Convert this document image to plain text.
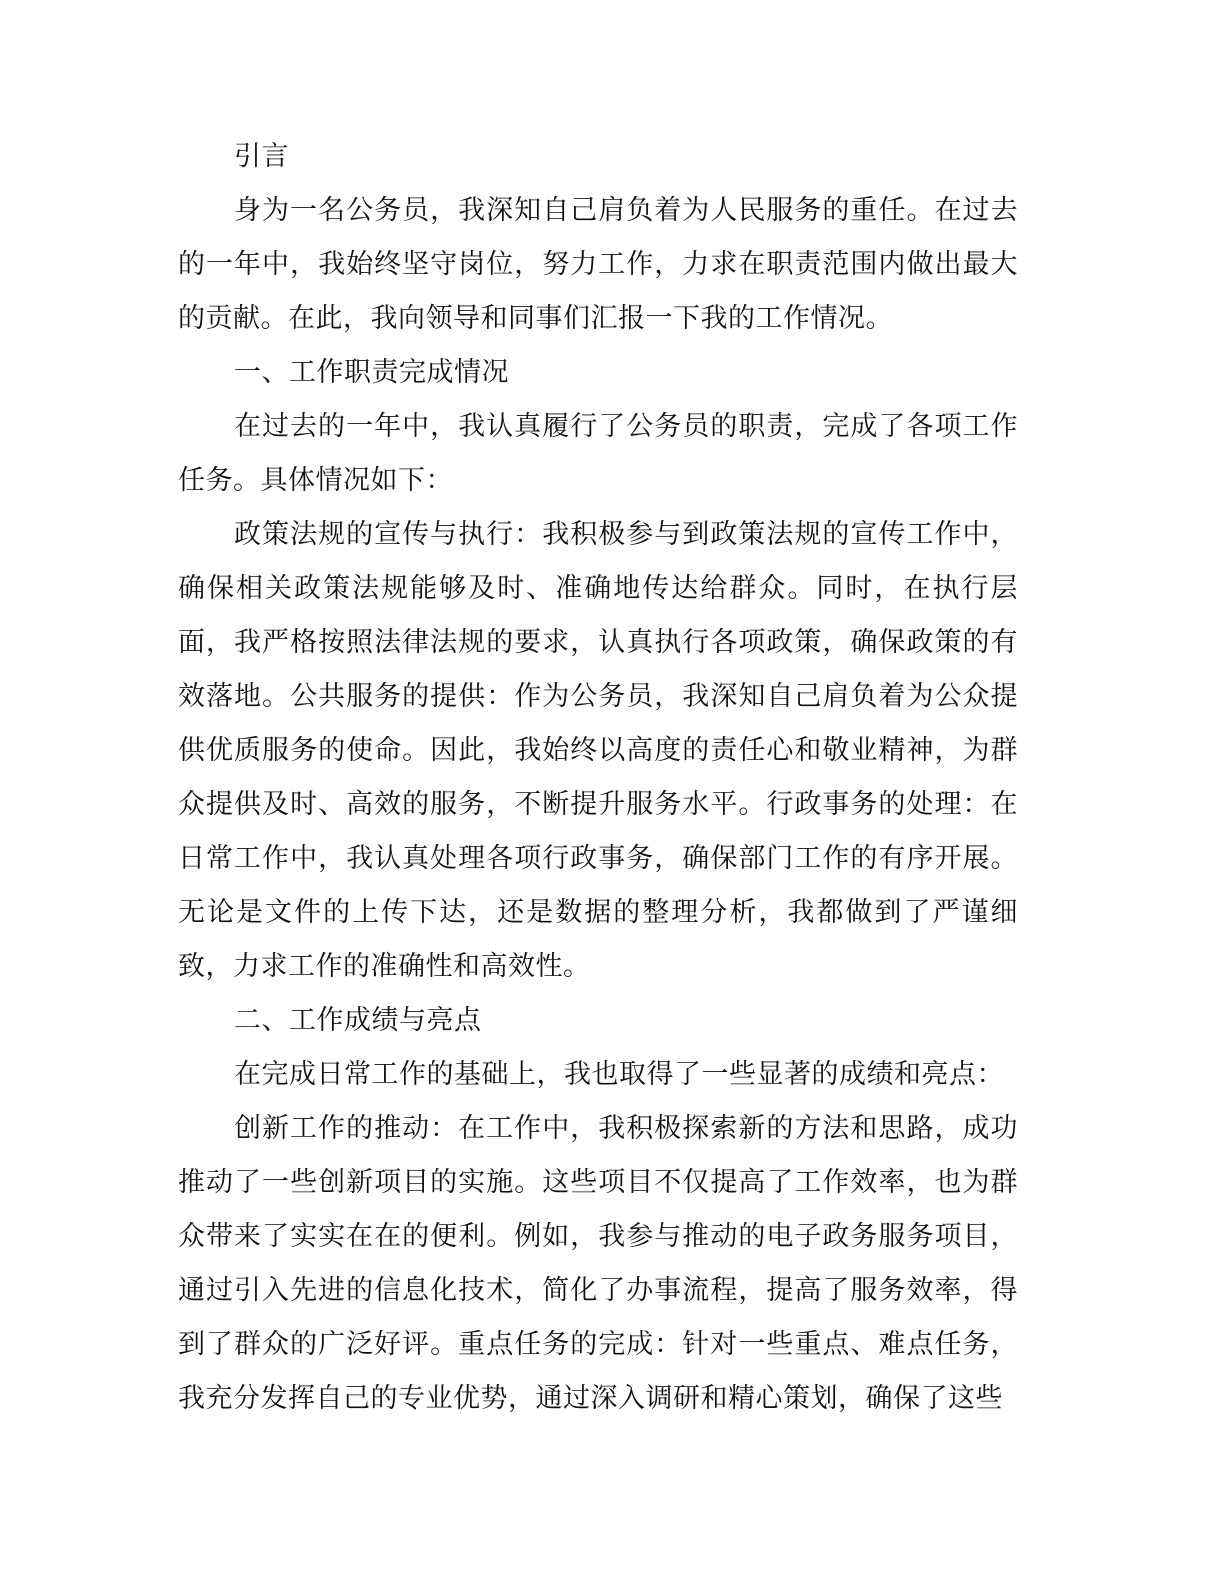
引言

身为一名公务员，我深知自己肩负着为人民服务的重任。在过去的一年中，我始终坚守岗位，努力工作，力求在职责范围内做出最大的贡献。在此，我向领导和同事们汇报一下我的工作情况。

一、工作职责完成情况

在过去的一年中，我认真履行了公务员的职责，完成了各项工作任务。具体情况如下：

政策法规的宣传与执行：我积极参与到政策法规的宣传工作中，确保相关政策法规能够及时、准确地传达给群众。同时，在执行层面，我严格按照法律法规的要求，认真执行各项政策，确保政策的有效落地。公共服务的提供：作为公务员，我深知自己肩负着为公众提供优质服务的使命。因此，我始终以高度的责任心和敬业精神，为群众提供及时、高效的服务，不断提升服务水平。行政事务的处理：在日常工作中，我认真处理各项行政事务，确保部门工作的有序开展。无论是文件的上传下达，还是数据的整理分析，我都做到了严谨细致，力求工作的准确性和高效性。

二、工作成绩与亮点

在完成日常工作的基础上，我也取得了一些显著的成绩和亮点：

创新工作的推动：在工作中，我积极探索新的方法和思路，成功推动了一些创新项目的实施。这些项目不仅提高了工作效率，也为群众带来了实实在在的便利。例如，我参与推动的电子政务服务项目，通过引入先进的信息化技术，简化了办事流程，提高了服务效率，得到了群众的广泛好评。重点任务的完成：针对一些重点、难点任务，我充分发挥自己的专业优势，通过深入调研和精心策划，确保了这些
